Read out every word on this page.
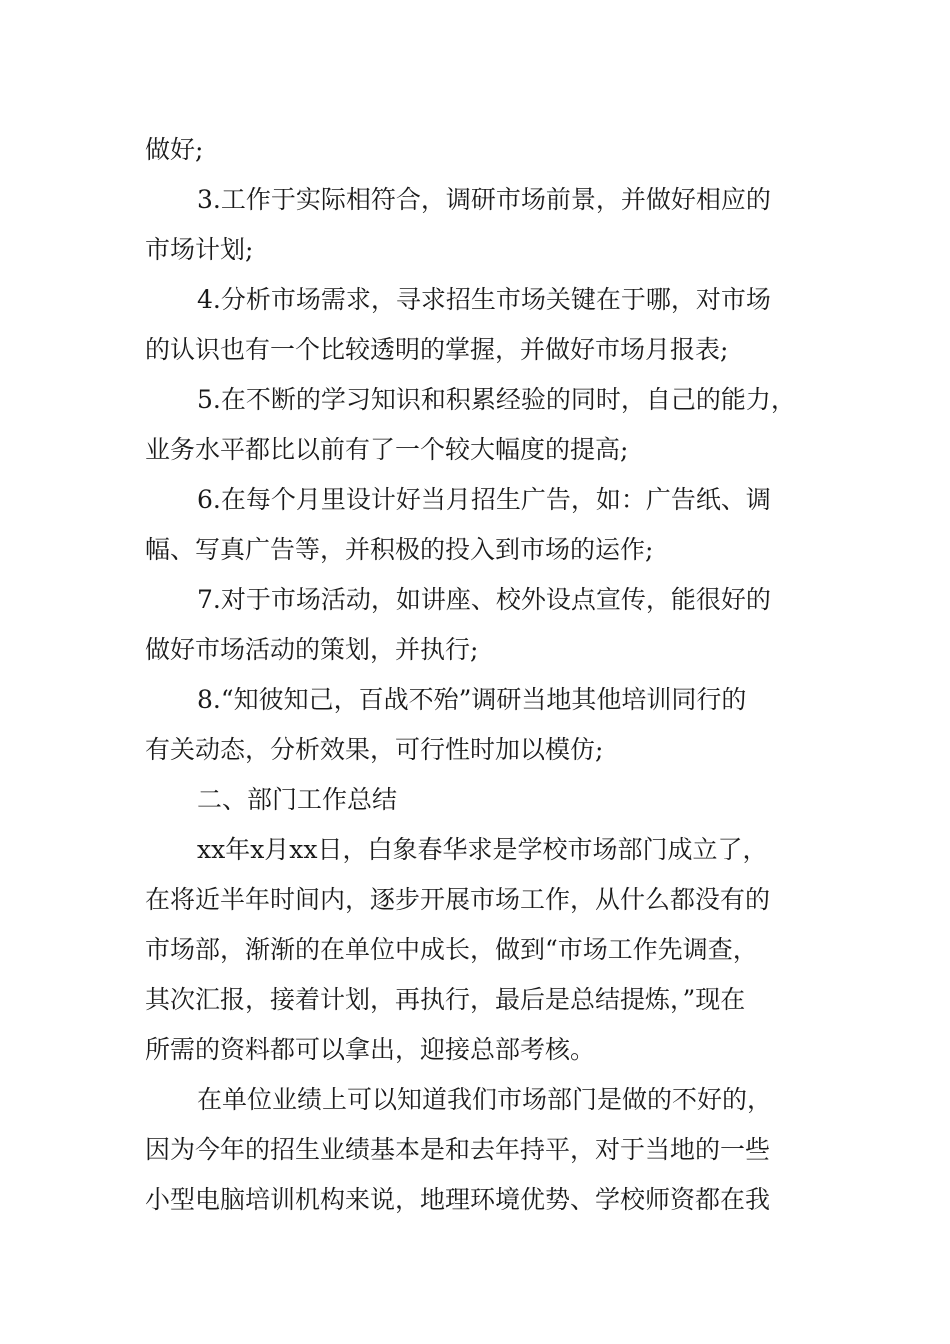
做好;
3.工作于实际相符合，调研市场前景，并做好相应的
市场计划;
4.分析市场需求，寻求招生市场关键在于哪，对市场
的认识也有一个比较透明的掌握，并做好市场月报表;
5.在不断的学习知识和积累经验的同时，自己的能力，
业务水平都比以前有了一个较大幅度的提高;
6.在每个月里设计好当月招生广告，如：广告纸、调
幅、写真广告等，并积极的投入到市场的运作;
7.对于市场活动，如讲座、校外设点宣传，能很好的
做好市场活动的策划，并执行;
8.“知彼知己，百战不殆”调研当地其他培训同行的
有关动态，分析效果，可行性时加以模仿;
二、部门工作总结
xx年x月xx日，白象春华求是学校市场部门成立了，
在将近半年时间内，逐步开展市场工作，从什么都没有的
市场部，渐渐的在单位中成长，做到“市场工作先调查，
其次汇报，接着计划，再执行，最后是总结提炼，”现在
所需的资料都可以拿出，迎接总部考核。
在单位业绩上可以知道我们市场部门是做的不好的，
因为今年的招生业绩基本是和去年持平，对于当地的一些
小型电脑培训机构来说，地理环境优势、学校师资都在我
